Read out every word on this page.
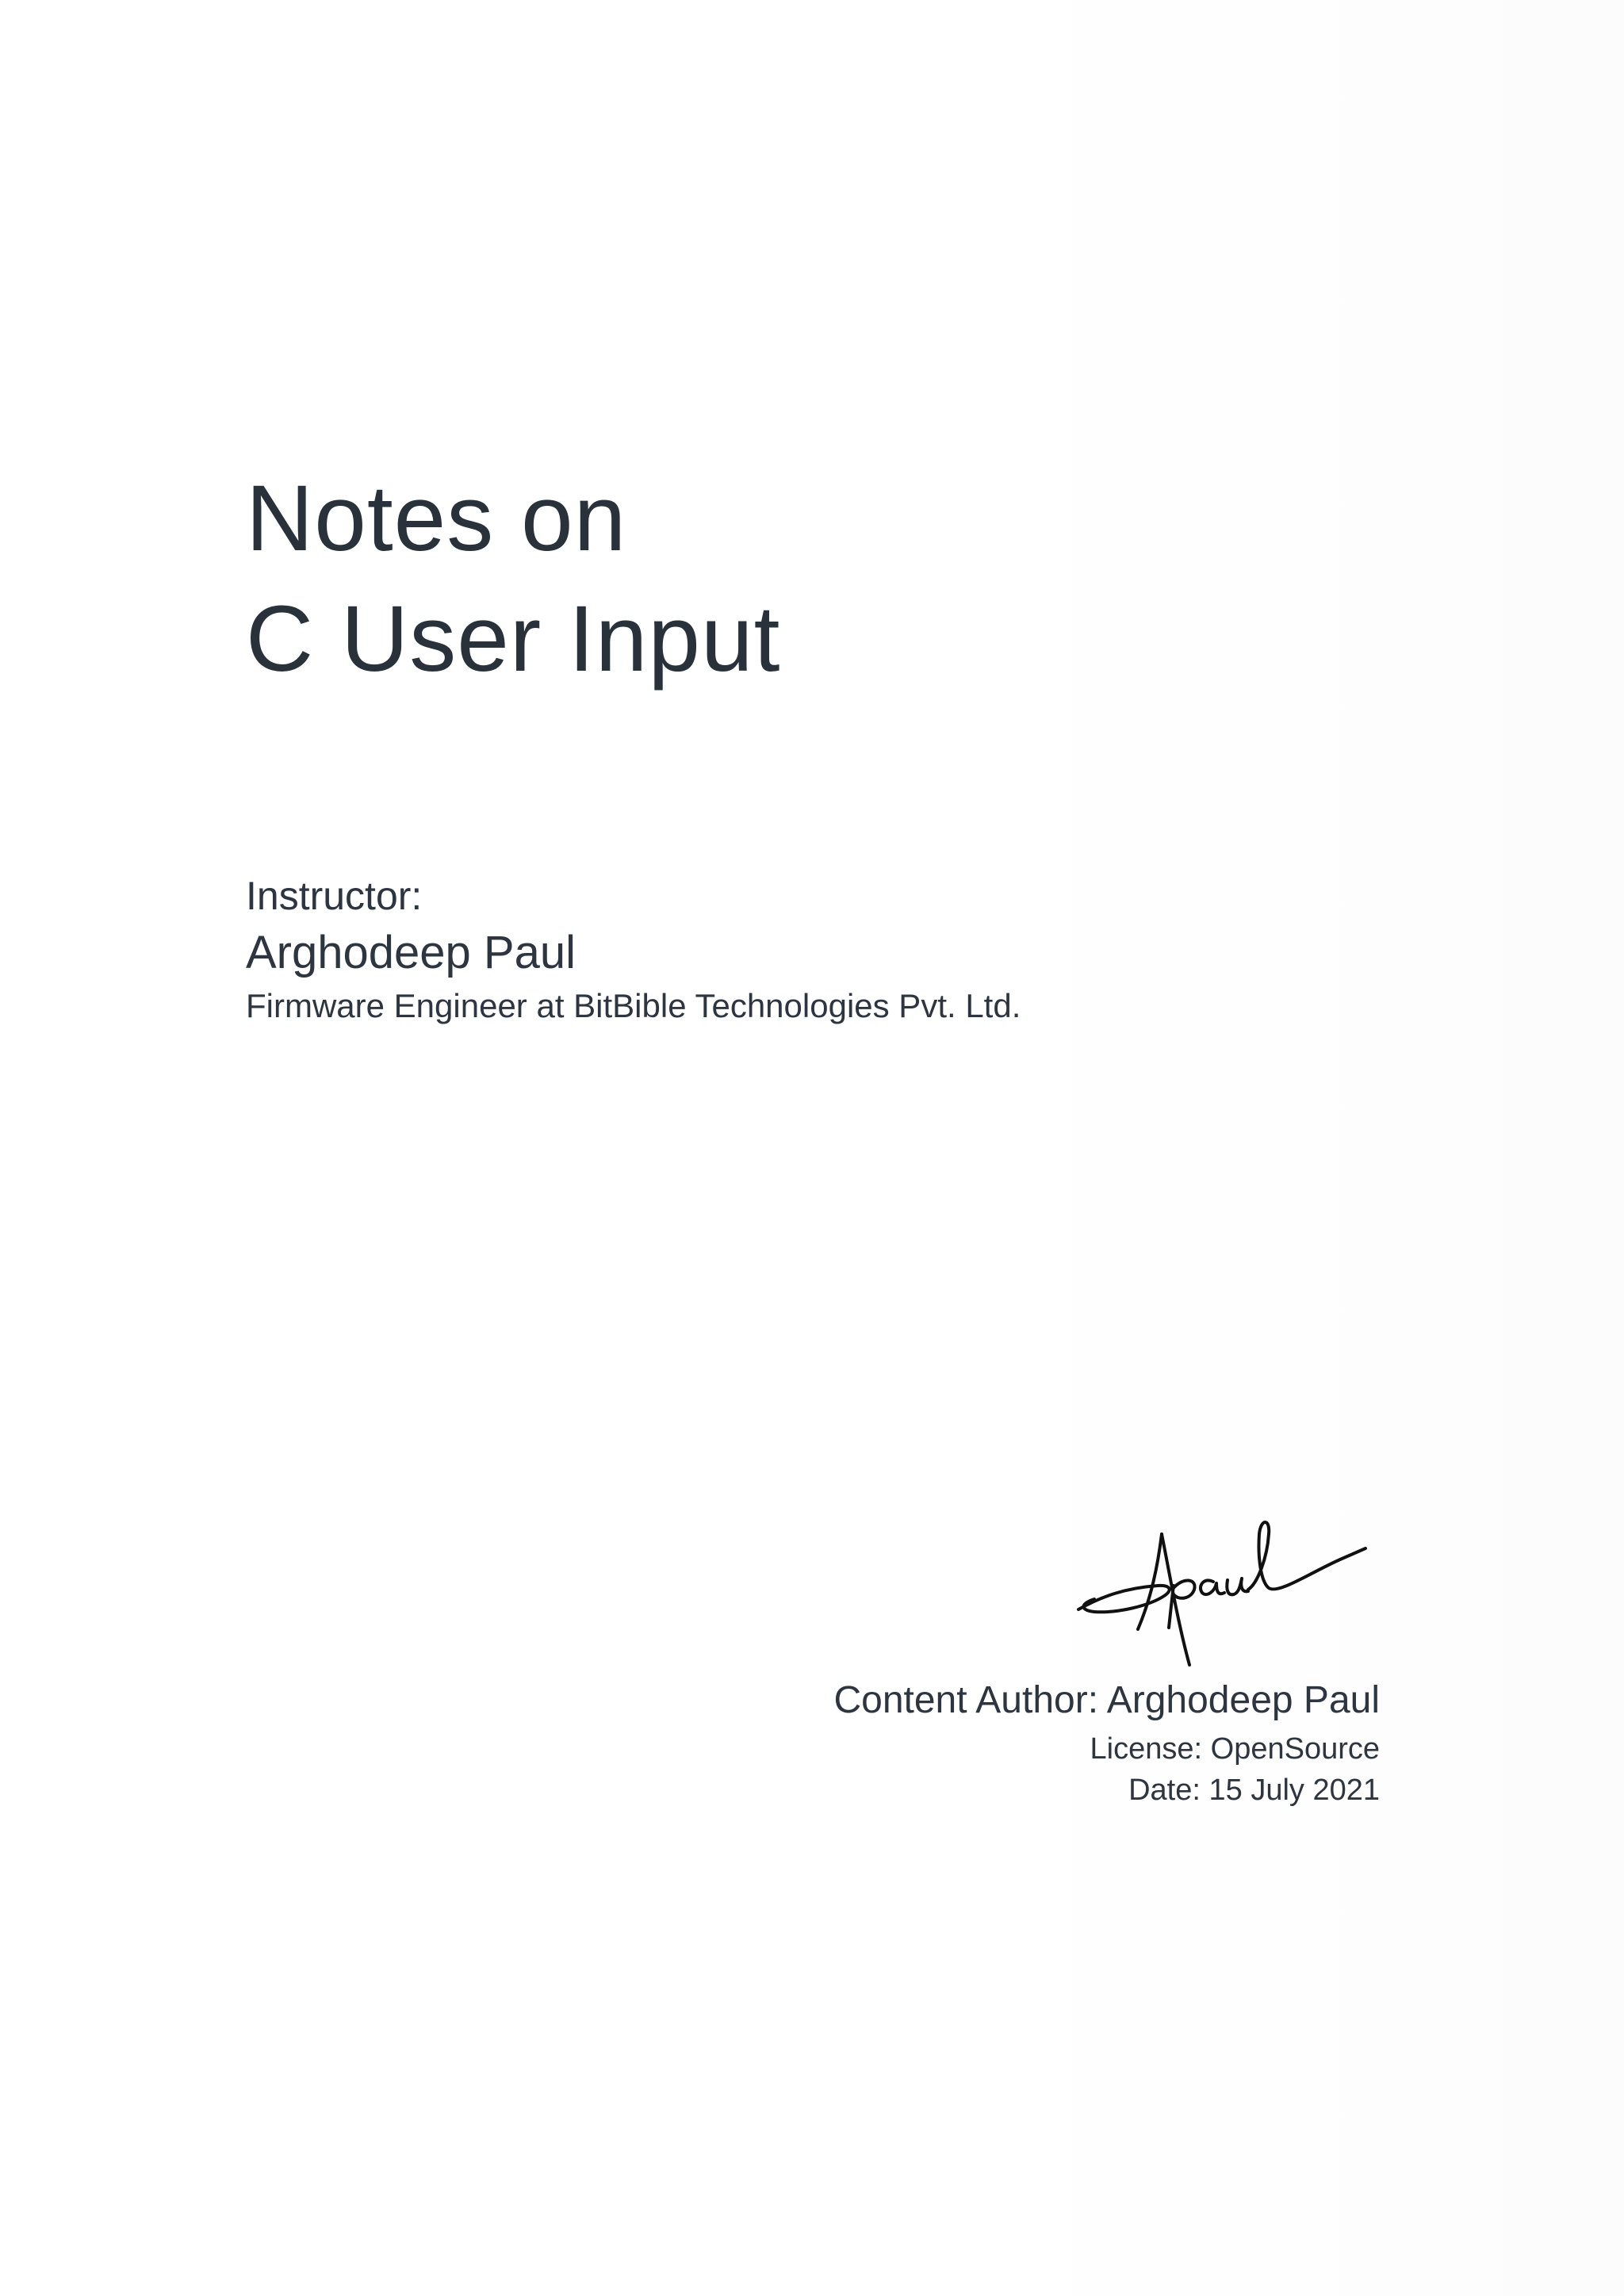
Notes on
C User Input
Instructor:
Arghodeep Paul
Firmware Engineer at BitBible Technologies Pvt. Ltd.
Content Author: Arghodeep Paul
License: OpenSource
Date: 15 July 2021
